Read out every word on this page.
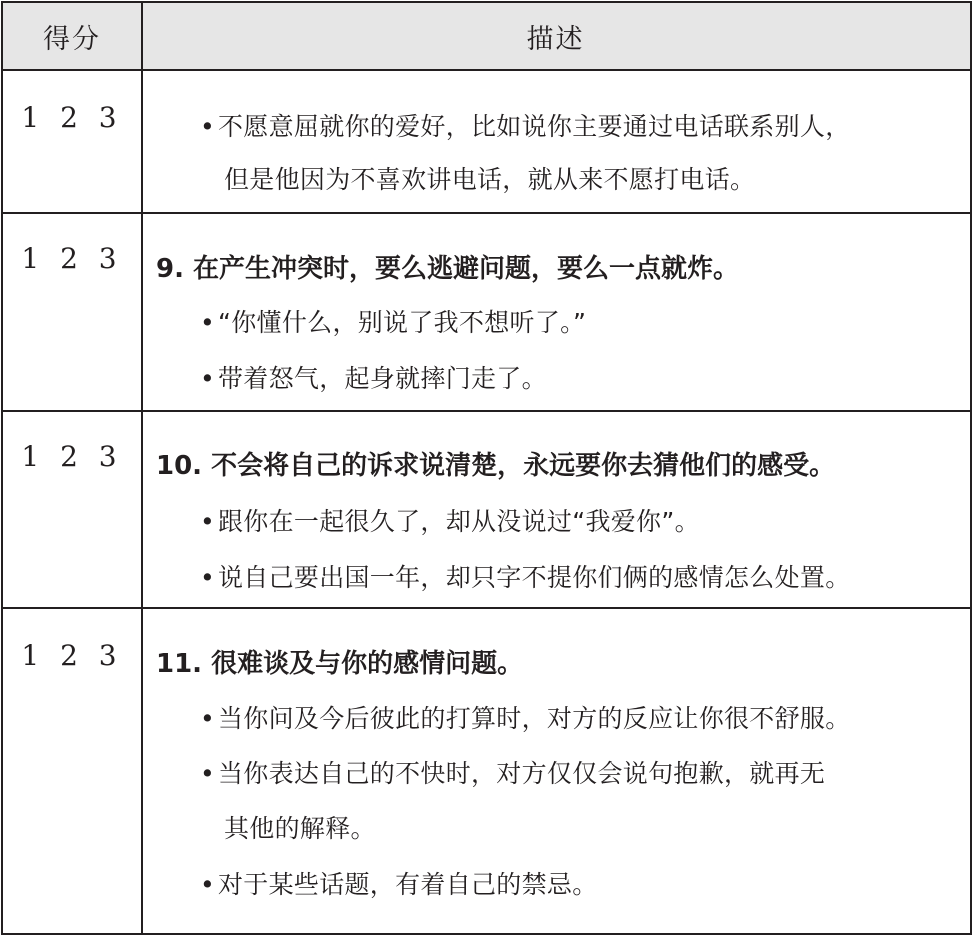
得分	描述
1 2 3	• 不愿意屈就你的爱好，比如说你主要通过电话联系别人，
但是他因为不喜欢讲电话，就从来不愿打电话。
1 2 3	9. 在产生冲突时，要么逃避问题，要么一点就炸。
• “你懂什么，别说了我不想听了。”
• 带着怒气，起身就摔门走了。
1 2 3	10. 不会将自己的诉求说清楚，永远要你去猜他们的感受。
• 跟你在一起很久了，却从没说过“我爱你”。
• 说自己要出国一年，却只字不提你们俩的感情怎么处置。
1 2 3	11. 很难谈及与你的感情问题。
• 当你问及今后彼此的打算时，对方的反应让你很不舒服。
• 当你表达自己的不快时，对方仅仅会说句抱歉，就再无
其他的解释。
• 对于某些话题，有着自己的禁忌。
